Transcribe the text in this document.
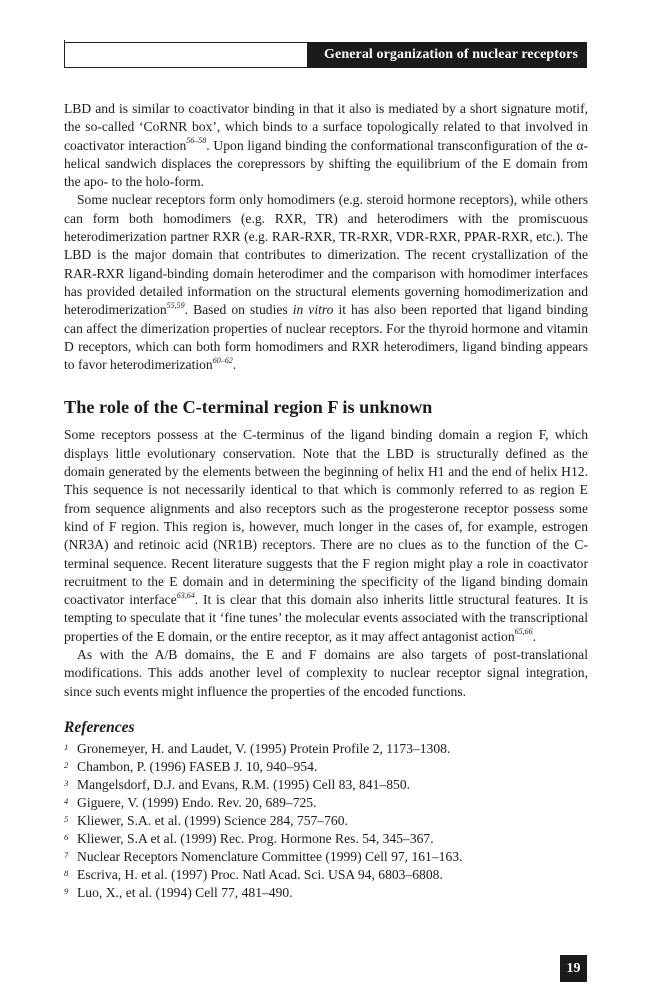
General organization of nuclear receptors

LBD and is similar to coactivator binding in that it also is mediated by a short signature motif, the so-called ‘CoRNR box’, which binds to a surface topologically related to that involved in coactivator interaction$^{56-58}$. Upon ligand binding the conformational transconfiguration of the α-helical sandwich displaces the corepressors by shifting the equilibrium of the E domain from the apo- to the holo-form.

Some nuclear receptors form only homodimers (e.g. steroid hormone receptors), while others can form both homodimers (e.g. RXR, TR) and heterodimers with the promiscuous heterodimerization partner RXR (e.g. RAR-RXR, TR-RXR, VDR-RXR, PPAR-RXR, etc.). The LBD is the major domain that contributes to dimerization. The recent crystallization of the RAR-RXR ligand-binding domain heterodimer and the comparison with homodimer interfaces has provided detailed information on the structural elements governing homodimerization and heterodimerization$^{55,59}$. Based on studies in vitro it has also been reported that ligand binding can affect the dimerization properties of nuclear receptors. For the thyroid hormone and vitamin D receptors, which can both form homodimers and RXR heterodimers, ligand binding appears to favor heterodimerization$^{60-62}$.

The role of the C-terminal region F is unknown

Some receptors possess at the C-terminus of the ligand binding domain a region F, which displays little evolutionary conservation. Note that the LBD is structurally defined as the domain generated by the elements between the beginning of helix H1 and the end of helix H12. This sequence is not necessarily identical to that which is commonly referred to as region E from sequence alignments and also receptors such as the progesterone receptor possess some kind of F region. This region is, however, much longer in the cases of, for example, estrogen (NR3A) and retinoic acid (NR1B) receptors. There are no clues as to the function of the C-terminal sequence. Recent literature suggests that the F region might play a role in coactivator recruitment to the E domain and in determining the specificity of the ligand binding domain coactivator interface$^{63,64}$. It is clear that this domain also inherits little structural features. It is tempting to speculate that it ‘fine tunes’ the molecular events associated with the transcriptional properties of the E domain, or the entire receptor, as it may affect antagonist action$^{65,66}$.

As with the A/B domains, the E and F domains are also targets of post-translational modifications. This adds another level of complexity to nuclear receptor signal integration, since such events might influence the properties of the encoded functions.

References
1 Gronemeyer, H. and Laudet, V. (1995) Protein Profile 2, 1173–1308.
2 Chambon, P. (1996) FASEB J. 10, 940–954.
3 Mangelsdorf, D.J. and Evans, R.M. (1995) Cell 83, 841–850.
4 Giguere, V. (1999) Endo. Rev. 20, 689–725.
5 Kliewer, S.A. et al. (1999) Science 284, 757–760.
6 Kliewer, S.A et al. (1999) Rec. Prog. Hormone Res. 54, 345–367.
7 Nuclear Receptors Nomenclature Committee (1999) Cell 97, 161–163.
8 Escriva, H. et al. (1997) Proc. Natl Acad. Sci. USA 94, 6803–6808.
9 Luo, X., et al. (1994) Cell 77, 481–490.
19
